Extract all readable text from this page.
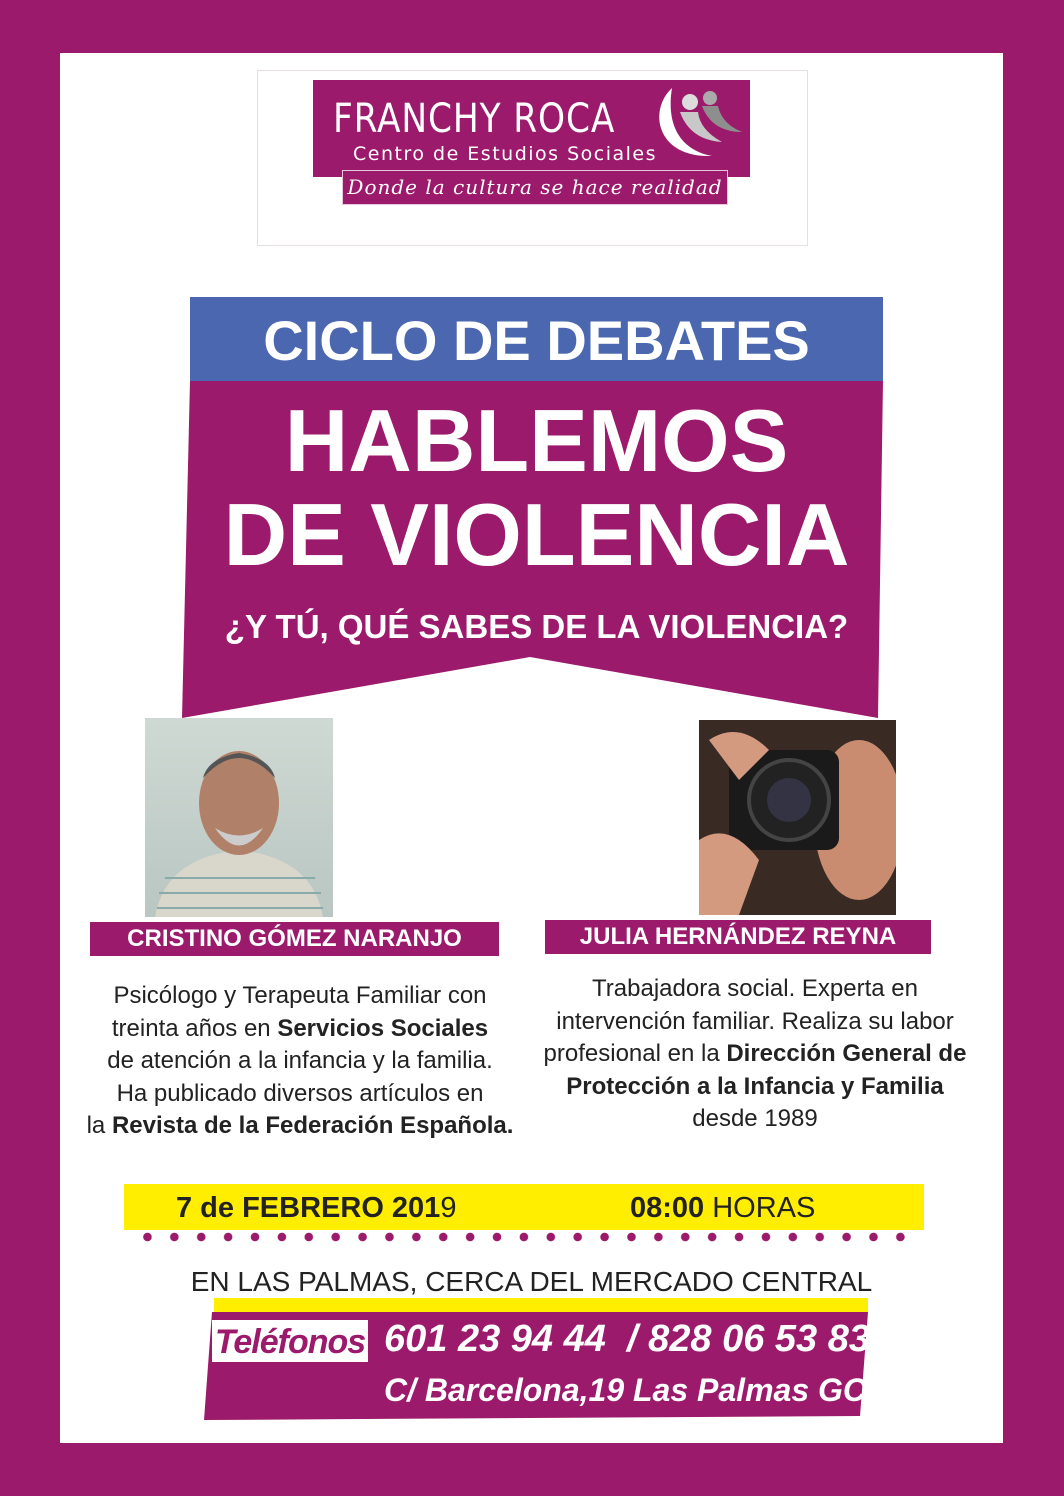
FRANCHY ROCA
Centro de Estudios Sociales
Donde la cultura se hace realidad
CICLO DE DEBATES
HABLEMOS
DE VIOLENCIA
¿Y TÚ, QUÉ SABES DE LA VIOLENCIA?
CRISTINO GÓMEZ NARANJO	JULIA HERNÁNDEZ REYNA
Psicólogo y Terapeuta Familiar con
treinta años en Servicios Sociales
de atención a la infancia y la familia.
Ha publicado diversos artículos en
la Revista de la Federación Española.
Trabajadora social. Experta en intervención familiar. Realiza su labor profesional en la Dirección General de Protección a la Infancia y Familia desde 1989
7 de FEBRERO 2019	08:00 HORAS
EN LAS PALMAS, CERCA DEL MERCADO CENTRAL
Teléfonos 601 23 94 44  / 828 06 53 83
C/ Barcelona,19 Las Palmas GC
